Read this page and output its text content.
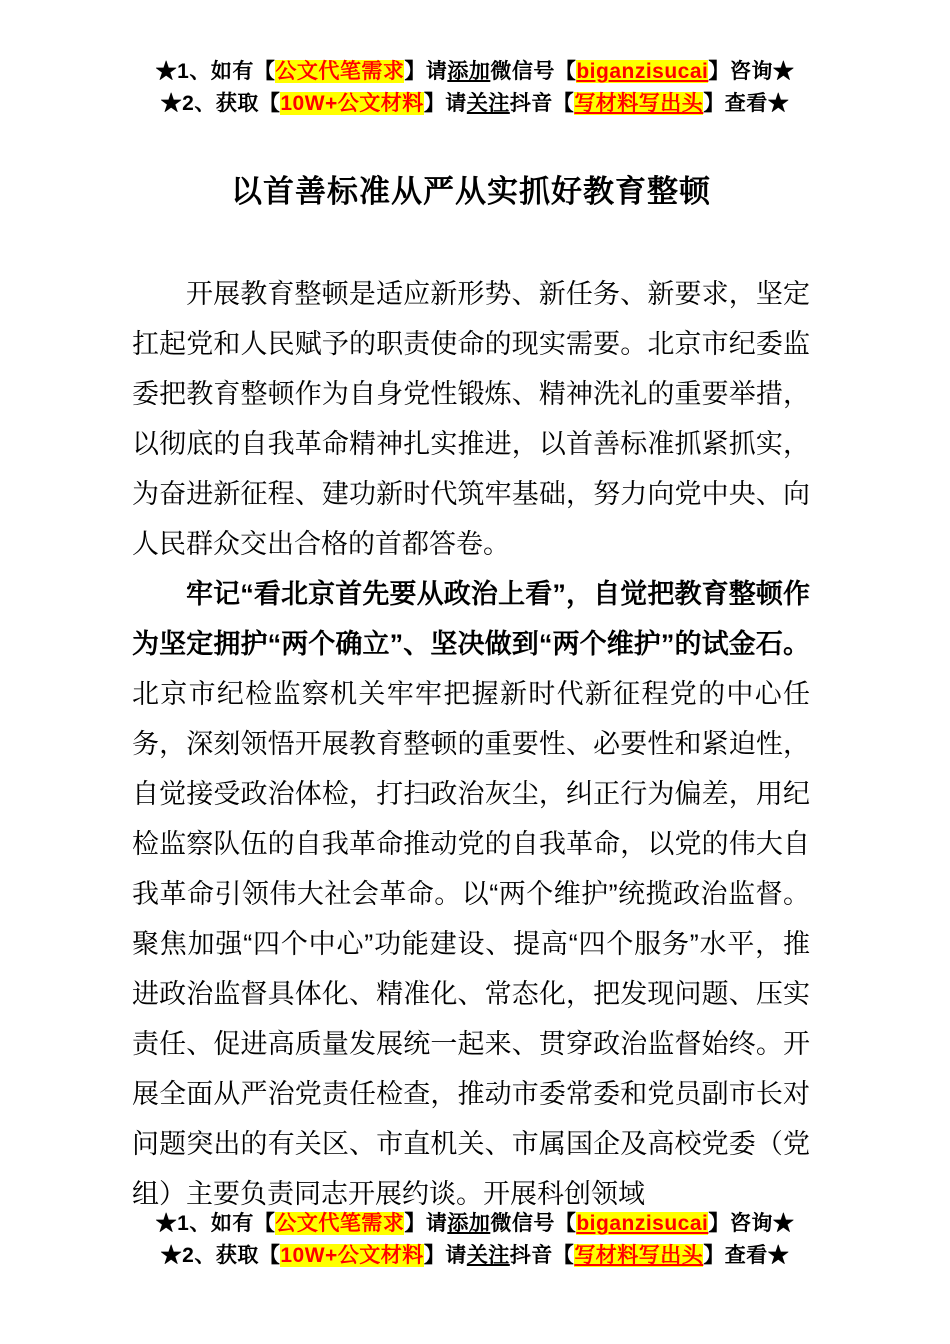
★1、如有【公文代笔需求】请添加微信号【biganzisucai】咨询★

★2、获取【10W+公文材料】请关注抖音【写材料写出头】查看★

以首善标准从严从实抓好教育整顿

开展教育整顿是适应新形势、新任务、新要求，坚定扛起党和人民赋予的职责使命的现实需要。北京市纪委监委把教育整顿作为自身党性锻炼、精神洗礼的重要举措，以彻底的自我革命精神扎实推进，以首善标准抓紧抓实，为奋进新征程、建功新时代筑牢基础，努力向党中央、向人民群众交出合格的首都答卷。

牢记“看北京首先要从政治上看”，自觉把教育整顿作为坚定拥护“两个确立”、坚决做到“两个维护”的试金石。北京市纪检监察机关牢牢把握新时代新征程党的中心任务，深刻领悟开展教育整顿的重要性、必要性和紧迫性，自觉接受政治体检，打扫政治灰尘，纠正行为偏差，用纪检监察队伍的自我革命推动党的自我革命，以党的伟大自我革命引领伟大社会革命。以“两个维护”统揽政治监督。聚焦加强“四个中心”功能建设、提高“四个服务”水平，推进政治监督具体化、精准化、常态化，把发现问题、压实责任、促进高质量发展统一起来、贯穿政治监督始终。开展全面从严治党责任检查，推动市委常委和党员副市长对问题突出的有关区、市直机关、市属国企及高校党委（党组）主要负责同志开展约谈。开展科创领域

★1、如有【公文代笔需求】请添加微信号【biganzisucai】咨询★

★2、获取【10W+公文材料】请关注抖音【写材料写出头】查看★
